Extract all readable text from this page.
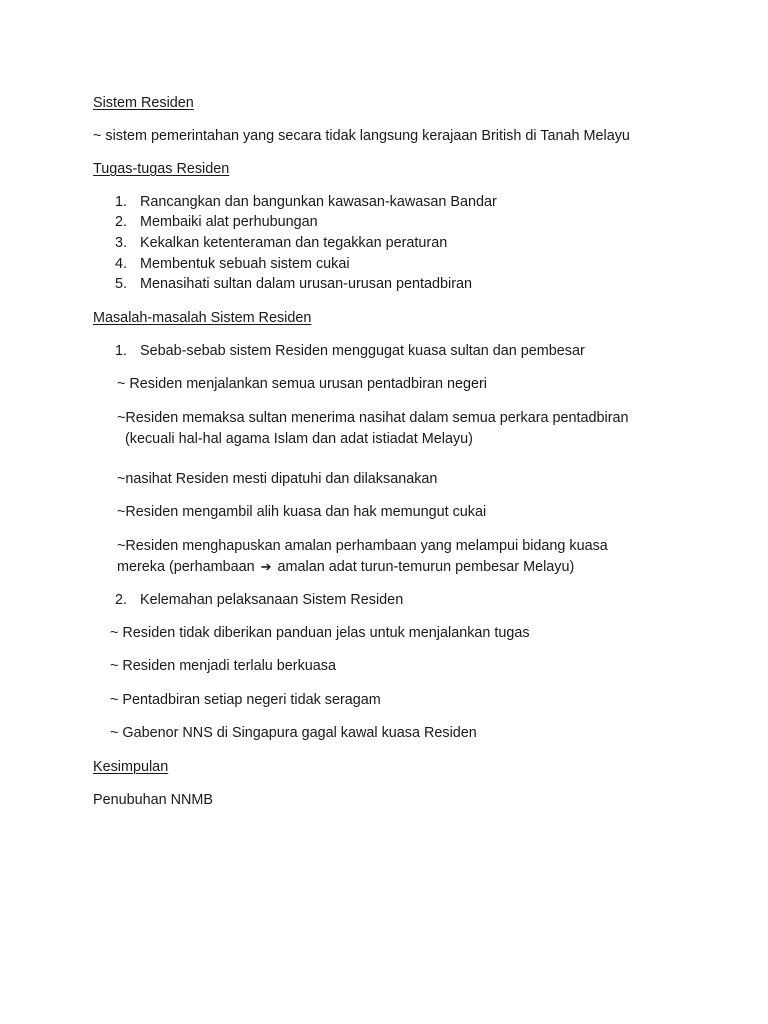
Sistem Residen
~ sistem pemerintahan yang secara tidak langsung kerajaan British di Tanah Melayu
Tugas-tugas Residen
1. Rancangkan dan bangunkan kawasan-kawasan Bandar
2. Membaiki alat perhubungan
3. Kekalkan ketenteraman dan tegakkan peraturan
4. Membentuk sebuah sistem cukai
5. Menasihati sultan dalam urusan-urusan pentadbiran
Masalah-masalah Sistem Residen
1. Sebab-sebab sistem Residen menggugat kuasa sultan dan pembesar
~ Residen menjalankan semua urusan pentadbiran negeri
~Residen memaksa sultan menerima nasihat dalam semua perkara pentadbiran
(kecuali hal-hal agama Islam dan adat istiadat Melayu)
~nasihat Residen mesti dipatuhi dan dilaksanakan
~Residen mengambil alih kuasa dan hak memungut cukai
~Residen menghapuskan amalan perhambaan yang melampui bidang kuasa
mereka (perhambaan ➔ amalan adat turun-temurun pembesar Melayu)
2. Kelemahan pelaksanaan Sistem Residen
~ Residen tidak diberikan panduan jelas untuk menjalankan tugas
~ Residen menjadi terlalu berkuasa
~ Pentadbiran setiap negeri tidak seragam
~ Gabenor NNS di Singapura gagal kawal kuasa Residen
Kesimpulan
Penubuhan NNMB
